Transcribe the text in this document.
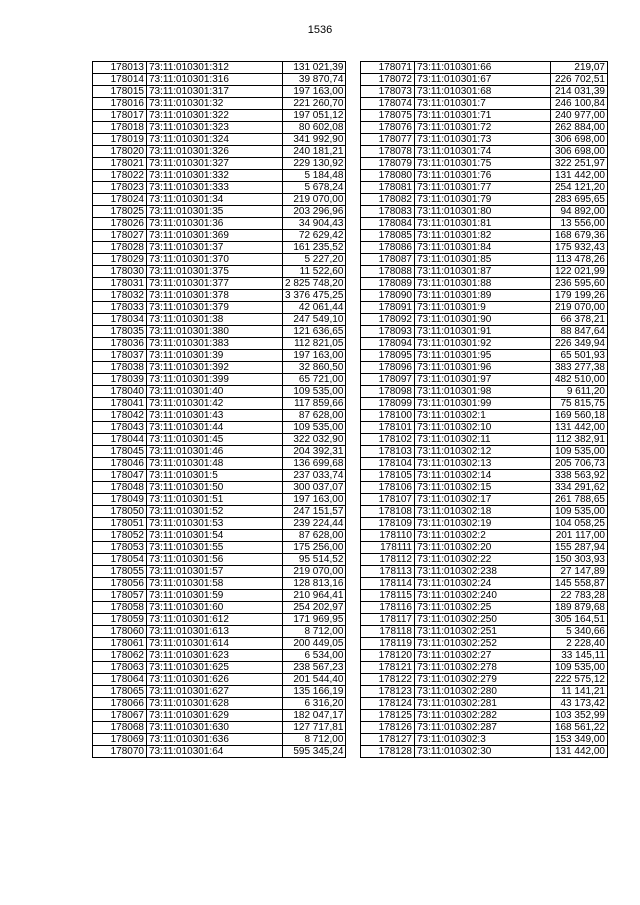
1536
178013	73:11:010301:312	131 021,39
178014	73:11:010301:316	39 870,74
178015	73:11:010301:317	197 163,00
178016	73:11:010301:32	221 260,70
178017	73:11:010301:322	197 051,12
178018	73:11:010301:323	80 602,08
178019	73:11:010301:324	341 992,90
178020	73:11:010301:326	240 181,21
178021	73:11:010301:327	229 130,92
178022	73:11:010301:332	5 184,48
178023	73:11:010301:333	5 678,24
178024	73:11:010301:34	219 070,00
178025	73:11:010301:35	203 296,96
178026	73:11:010301:36	34 904,43
178027	73:11:010301:369	72 629,42
178028	73:11:010301:37	161 235,52
178029	73:11:010301:370	5 227,20
178030	73:11:010301:375	11 522,60
178031	73:11:010301:377	2 825 748,20
178032	73:11:010301:378	3 376 475,25
178033	73:11:010301:379	42 061,44
178034	73:11:010301:38	247 549,10
178035	73:11:010301:380	121 636,65
178036	73:11:010301:383	112 821,05
178037	73:11:010301:39	197 163,00
178038	73:11:010301:392	32 860,50
178039	73:11:010301:399	65 721,00
178040	73:11:010301:40	109 535,00
178041	73:11:010301:42	117 859,66
178042	73:11:010301:43	87 628,00
178043	73:11:010301:44	109 535,00
178044	73:11:010301:45	322 032,90
178045	73:11:010301:46	204 392,31
178046	73:11:010301:48	136 699,68
178047	73:11:010301:5	237 033,74
178048	73:11:010301:50	300 037,07
178049	73:11:010301:51	197 163,00
178050	73:11:010301:52	247 151,57
178051	73:11:010301:53	239 224,44
178052	73:11:010301:54	87 628,00
178053	73:11:010301:55	175 256,00
178054	73:11:010301:56	95 514,52
178055	73:11:010301:57	219 070,00
178056	73:11:010301:58	128 813,16
178057	73:11:010301:59	210 964,41
178058	73:11:010301:60	254 202,97
178059	73:11:010301:612	171 969,95
178060	73:11:010301:613	8 712,00
178061	73:11:010301:614	200 449,05
178062	73:11:010301:623	6 534,00
178063	73:11:010301:625	238 567,23
178064	73:11:010301:626	201 544,40
178065	73:11:010301:627	135 166,19
178066	73:11:010301:628	6 316,20
178067	73:11:010301:629	182 047,17
178068	73:11:010301:630	127 717,81
178069	73:11:010301:636	8 712,00
178070	73:11:010301:64	595 345,24
178071	73:11:010301:66	219,07
178072	73:11:010301:67	226 702,51
178073	73:11:010301:68	214 031,39
178074	73:11:010301:7	246 100,84
178075	73:11:010301:71	240 977,00
178076	73:11:010301:72	262 884,00
178077	73:11:010301:73	306 698,00
178078	73:11:010301:74	306 698,00
178079	73:11:010301:75	322 251,97
178080	73:11:010301:76	131 442,00
178081	73:11:010301:77	254 121,20
178082	73:11:010301:79	283 695,65
178083	73:11:010301:80	94 892,00
178084	73:11:010301:81	13 556,00
178085	73:11:010301:82	168 679,36
178086	73:11:010301:84	175 932,43
178087	73:11:010301:85	113 478,26
178088	73:11:010301:87	122 021,99
178089	73:11:010301:88	236 595,60
178090	73:11:010301:89	179 199,26
178091	73:11:010301:9	219 070,00
178092	73:11:010301:90	66 378,21
178093	73:11:010301:91	88 847,64
178094	73:11:010301:92	226 349,94
178095	73:11:010301:95	65 501,93
178096	73:11:010301:96	383 277,38
178097	73:11:010301:97	482 510,00
178098	73:11:010301:98	9 611,20
178099	73:11:010301:99	75 815,75
178100	73:11:010302:1	169 560,18
178101	73:11:010302:10	131 442,00
178102	73:11:010302:11	112 382,91
178103	73:11:010302:12	109 535,00
178104	73:11:010302:13	205 706,73
178105	73:11:010302:14	338 563,92
178106	73:11:010302:15	334 291,62
178107	73:11:010302:17	261 788,65
178108	73:11:010302:18	109 535,00
178109	73:11:010302:19	104 058,25
178110	73:11:010302:2	201 117,00
178111	73:11:010302:20	155 287,94
178112	73:11:010302:22	150 303,93
178113	73:11:010302:238	27 147,89
178114	73:11:010302:24	145 558,87
178115	73:11:010302:240	22 783,28
178116	73:11:010302:25	189 879,68
178117	73:11:010302:250	305 164,51
178118	73:11:010302:251	5 340,66
178119	73:11:010302:252	2 228,40
178120	73:11:010302:27	33 145,11
178121	73:11:010302:278	109 535,00
178122	73:11:010302:279	222 575,12
178123	73:11:010302:280	11 141,21
178124	73:11:010302:281	43 173,42
178125	73:11:010302:282	103 352,99
178126	73:11:010302:287	168 561,22
178127	73:11:010302:3	153 349,00
178128	73:11:010302:30	131 442,00
